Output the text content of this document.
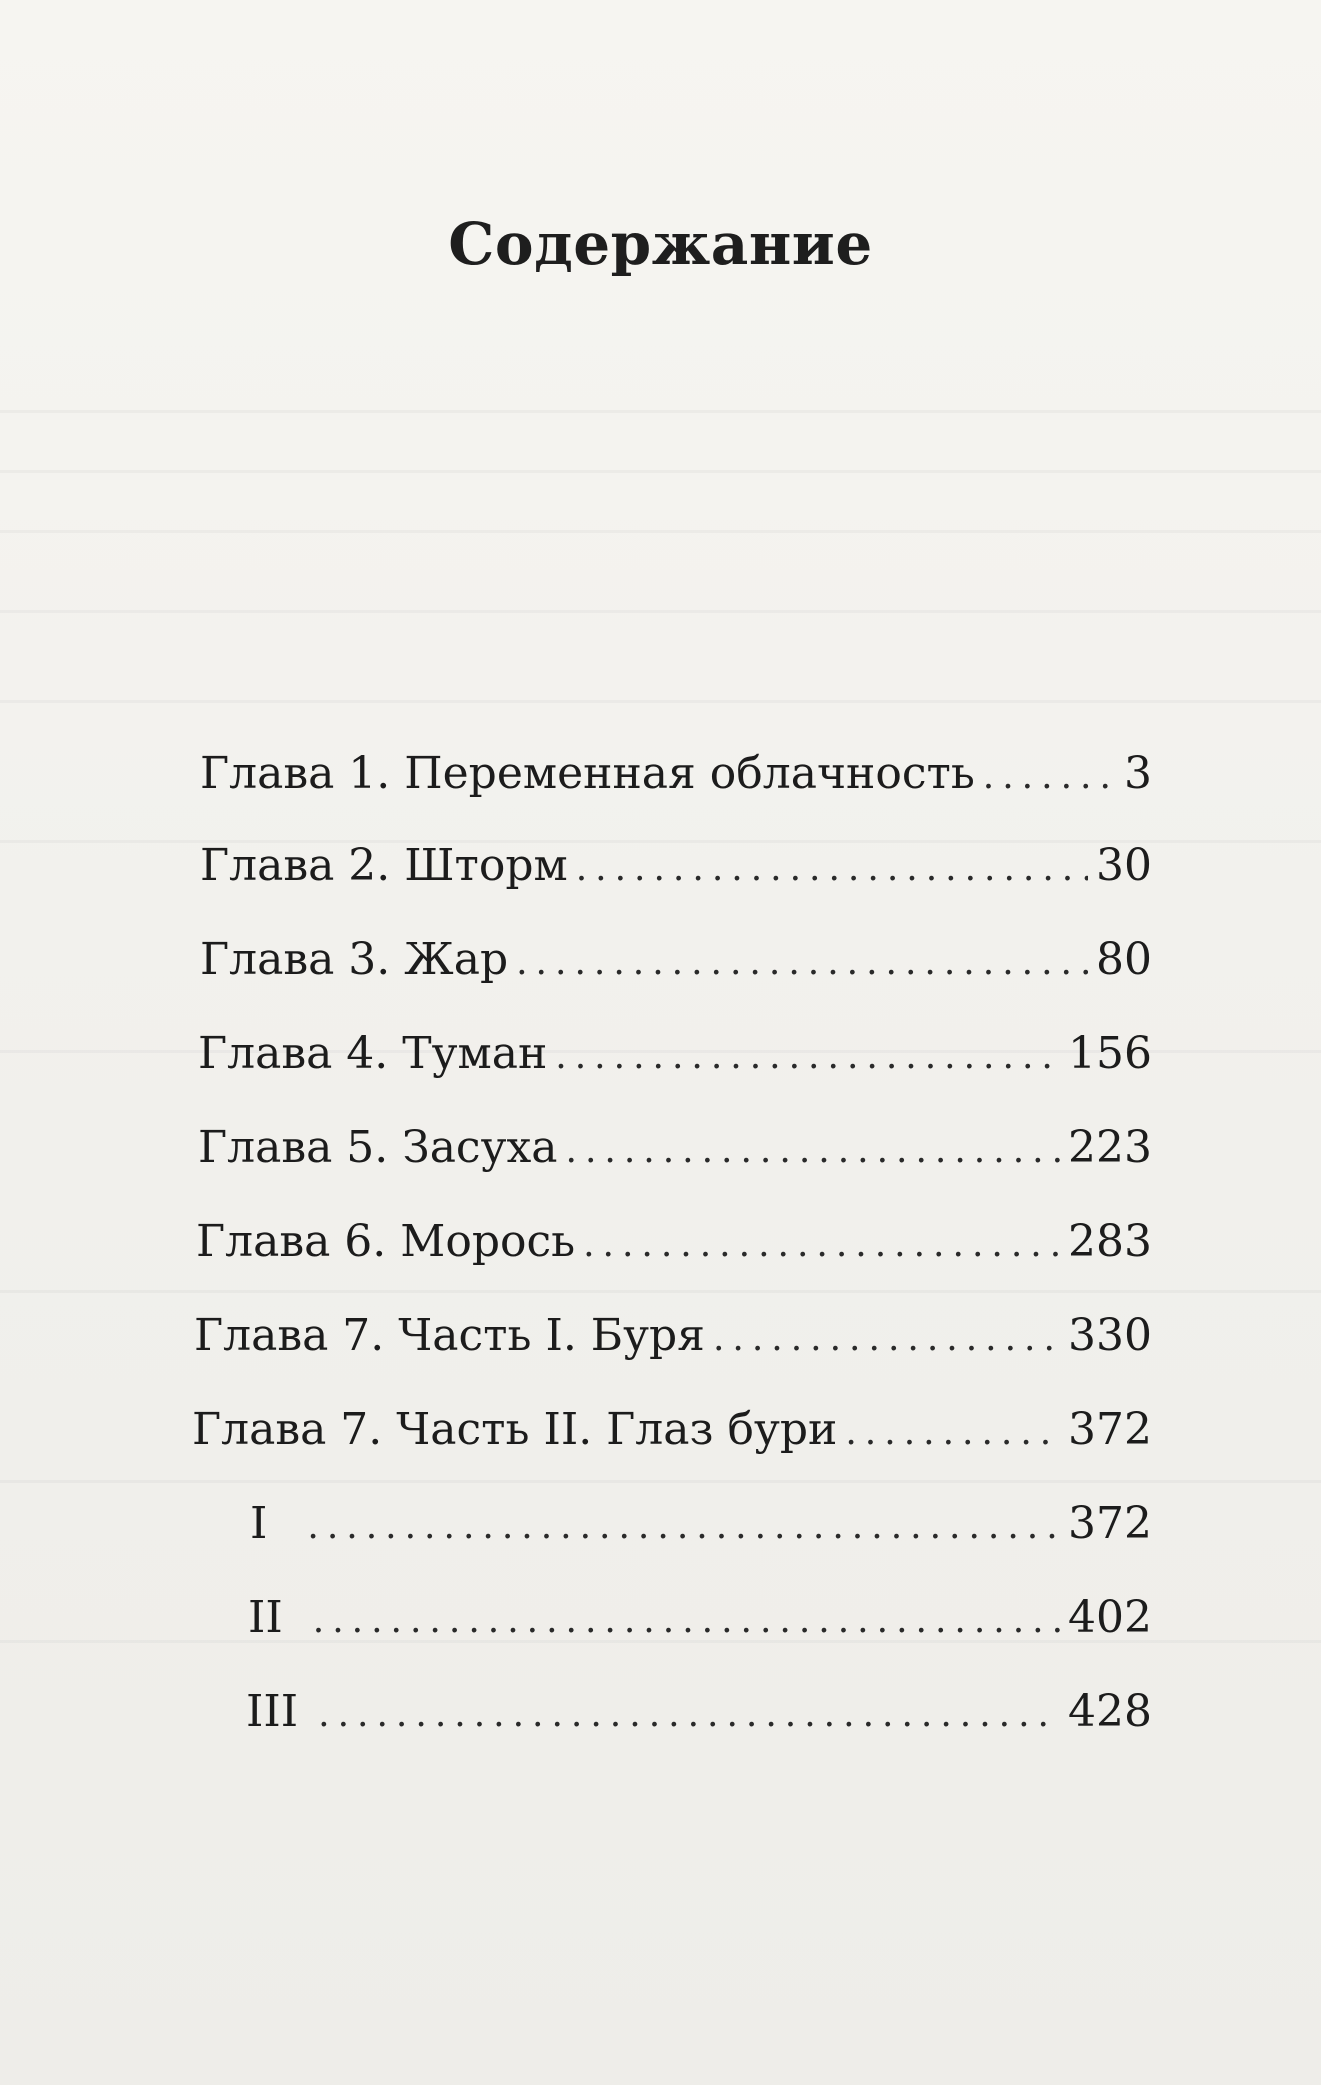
Содержание
Глава 1. Переменная облачность .....	3
Глава 2. Шторм .....	30
Глава 3. Жар .....	80
Глава 4. Туман .....	156
Глава 5. Засуха .....	223
Глава 6. Морось .....	283
Глава 7. Часть I. Буря .....	330
Глава 7. Часть II. Глаз бури .....	372
I .....	372
II .....	402
III .....	428
